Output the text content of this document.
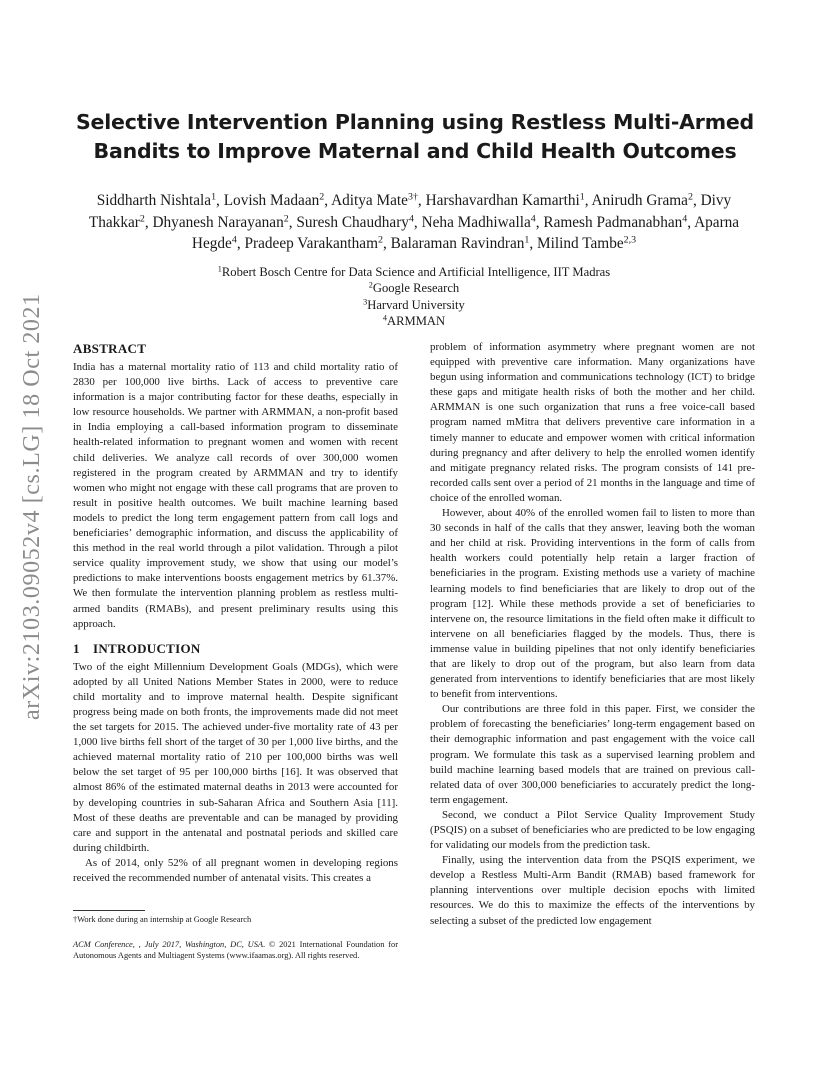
arXiv:2103.09052v4 [cs.LG] 18 Oct 2021
Selective Intervention Planning using Restless Multi-Armed
Bandits to Improve Maternal and Child Health Outcomes
Siddharth Nishtala$^1$, Lovish Madaan$^2$, Aditya Mate$^{3\dagger}$, Harshavardhan Kamarthi$^1$, Anirudh Grama$^2$, Divy Thakkar$^2$, Dhyanesh Narayanan$^2$, Suresh Chaudhary$^4$, Neha Madhiwalla$^4$, Ramesh Padmanabhan$^4$, Aparna Hegde$^4$, Pradeep Varakantham$^2$, Balaraman Ravindran$^1$, Milind Tambe$^{2,3}$
$^1$Robert Bosch Centre for Data Science and Artificial Intelligence, IIT Madras
$^2$Google Research
$^3$Harvard University
$^4$ARMMAN
ABSTRACT

India has a maternal mortality ratio of 113 and child mortality ratio of 2830 per 100,000 live births. Lack of access to preventive care information is a major contributing factor for these deaths, especially in low resource households. We partner with ARMMAN, a non-profit based in India employing a call-based information program to disseminate health-related information to pregnant women and women with recent child deliveries. We analyze call records of over 300,000 women registered in the program created by ARMMAN and try to identify women who might not engage with these call programs that are proven to result in positive health outcomes. We built machine learning based models to predict the long term engagement pattern from call logs and beneficiaries’ demographic information, and discuss the applicability of this method in the real world through a pilot validation. Through a pilot service quality improvement study, we show that using our model’s predictions to make interventions boosts engagement metrics by 61.37%. We then formulate the intervention planning problem as restless multi-armed bandits (RMABs), and present preliminary results using this approach.

1 INTRODUCTION

Two of the eight Millennium Development Goals (MDGs), which were adopted by all United Nations Member States in 2000, were to reduce child mortality and to improve maternal health. Despite significant progress being made on both fronts, the improvements made did not meet the set targets for 2015. The achieved under-five mortality rate of 43 per 1,000 live births fell short of the target of 30 per 1,000 live births, and the achieved maternal mortality ratio of 210 per 100,000 births was well below the set target of 95 per 100,000 births [16]. It was observed that almost 86% of the estimated maternal deaths in 2013 were accounted for by developing countries in sub-Saharan Africa and Southern Asia [11]. Most of these deaths are preventable and can be managed by providing care and support in the antenatal and postnatal periods and skilled care during childbirth.

As of 2014, only 52% of all pregnant women in developing regions received the recommended number of antenatal visits. This creates a

†Work done during an internship at Google Research
ACM Conference, , July 2017, Washington, DC, USA. © 2021 International Foundation for Autonomous Agents and Multiagent Systems (www.ifaamas.org). All rights reserved.

problem of information asymmetry where pregnant women are not equipped with preventive care information. Many organizations have begun using information and communications technology (ICT) to bridge these gaps and mitigate health risks of both the mother and her child. ARMMAN is one such organization that runs a free voice-call based program named mMitra that delivers preventive care information in a timely manner to educate and empower women with critical information during pregnancy and after delivery to help the enrolled women identify and mitigate pregnancy related risks. The program consists of 141 pre-recorded calls sent over a period of 21 months in the language and time of choice of the enrolled woman.

However, about 40% of the enrolled women fail to listen to more than 30 seconds in half of the calls that they answer, leaving both the woman and her child at risk. Providing interventions in the form of calls from health workers could potentially help retain a larger fraction of beneficiaries in the program. Existing methods use a variety of machine learning models to find beneficiaries that are likely to drop out of the program [12]. While these methods provide a set of beneficiaries to intervene on, the resource limitations in the field often make it difficult to intervene on all beneficiaries flagged by the models. Thus, there is immense value in building pipelines that not only identify beneficiaries that are likely to drop out of the program, but also learn from data generated from interventions to identify beneficiaries that are most likely to benefit from interventions.

Our contributions are three fold in this paper. First, we consider the problem of forecasting the beneficiaries’ long-term engagement based on their demographic information and past engagement with the voice call program. We formulate this task as a supervised learning problem and build machine learning based models that are trained on previous call-related data of over 300,000 beneficiaries to accurately predict the long-term engagement.

Second, we conduct a Pilot Service Quality Improvement Study (PSQIS) on a subset of beneficiaries who are predicted to be low engaging for validating our models from the prediction task.

Finally, using the intervention data from the PSQIS experiment, we develop a Restless Multi-Arm Bandit (RMAB) based framework for planning interventions over multiple decision epochs with limited resources. We do this to maximize the effects of the interventions by selecting a subset of the predicted low engagement
